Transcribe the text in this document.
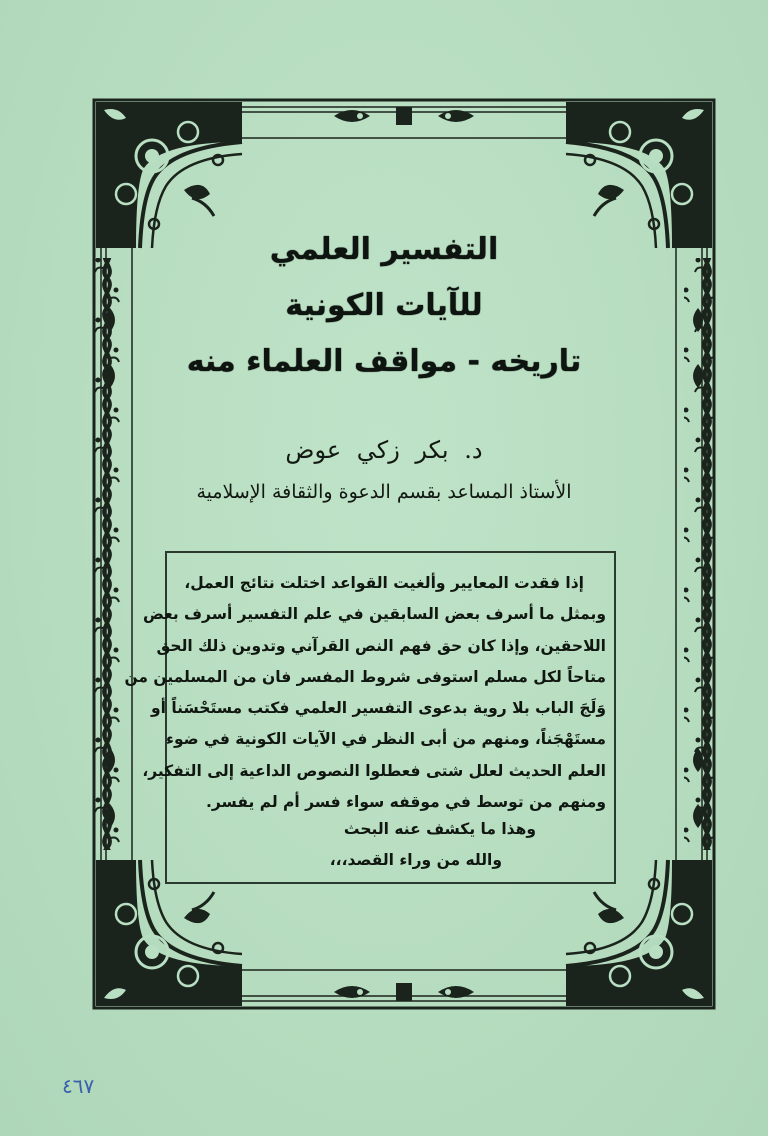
التفسير العلمي
للآيات الكونية
تاريخه - مواقف العلماء منه
د. بكر زكي عوض
الأستاذ المساعد بقسم الدعوة والثقافة الإسلامية
إذا فقدت المعايير وألغيت القواعد اختلت نتائج العمل،
وبمثل ما أسرف بعض السابقين في علم التفسير أسرف بعض
اللاحقين، وإذا كان حق فهم النص القرآني وتدوين ذلك الحق
متاحاً لكل مسلم استوفى شروط المفسر فان من المسلمين من
وَلَجَ الباب بلا روية بدعوى التفسير العلمي فكتب مستَحْسَناً أو
مستَهْجَناً، ومنهم من أبى النظر في الآيات الكونية في ضوء
العلم الحديث لعلل شتى فعطلوا النصوص الداعية إلى التفكير،
ومنهم من توسط في موقفه سواء فسر أم لم يفسر.
وهذا ما يكشف عنه البحث
والله من وراء القصد،،،
٤٦٧
